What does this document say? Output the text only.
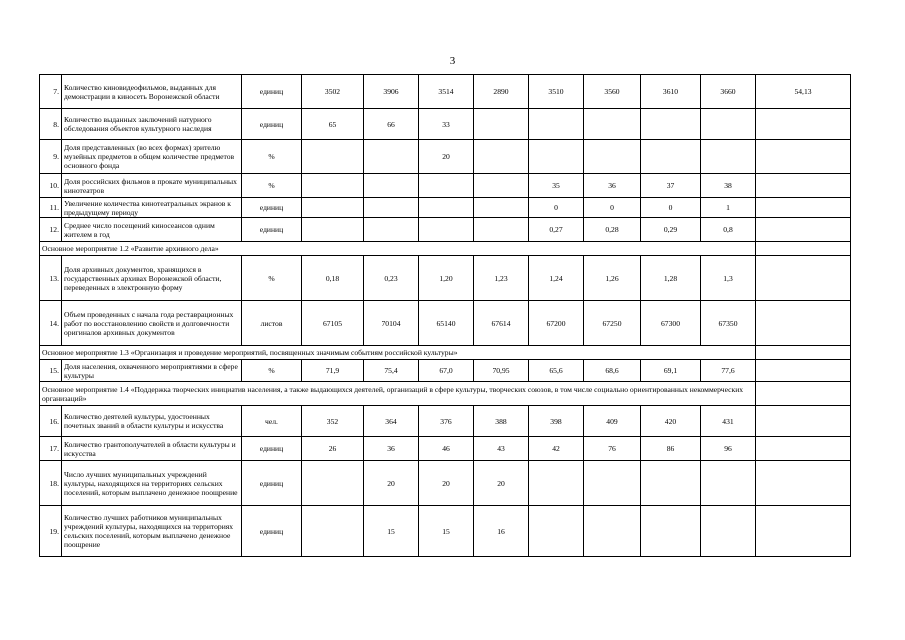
3
7.	Количество киновидеофильмов, выданных для демонстрации в киносеть Воронежской области	единиц	3502	3906	3514	2890	3510	3560	3610	3660	54,13
8.	Количество выданных заключений натурного обследования объектов культурного наследия	единиц	65	66	33						
9.	Доля представленных (во всех формах) зрителю музейных предметов в общем количестве предметов основного фонда	%			20						
10.	Доля российских фильмов в прокате муниципальных кинотеатров	%					35	36	37	38	
11.	Увеличение количества кинотеатральных экранов к предыдущему периоду	единиц					0	0	0	1	
12.	Среднее число посещений киносеансов одним жителем в год	единиц					0,27	0,28	0,29	0,8	
Основное мероприятие 1.2 «Развитие архивного дела»											
13.	Доля архивных документов, хранящихся в государственных архивах Воронежской области, переведенных в электронную форму	%	0,18	0,23	1,20	1,23	1,24	1,26	1,28	1,3	
14.	Объем проведенных с начала года реставрационных работ по восстановлению свойств и долговечности оригиналов архивных документов	листов	67105	70104	65140	67614	67200	67250	67300	67350	
Основное мероприятие 1.3 «Организация и проведение мероприятий, посвященных значимым событиям российской культуры»											
15.	Доля населения, охваченного мероприятиями в сфере культуры	%	71,9	75,4	67,0	70,95	65,6	68,6	69,1	77,6	
Основное мероприятие 1.4 «Поддержка творческих инициатив населения, а также выдающихся деятелей, организаций в сфере культуры, творческих союзов, в том числе социально ориентированных некоммерческих организаций»											
16.	Количество деятелей культуры, удостоенных почетных званий в области культуры и искусства	чел.	352	364	376	388	398	409	420	431	
17.	Количество грантополучателей в области культуры и искусства	единиц	26	36	46	43	42	76	86	96	
18.	Число лучших муниципальных учреждений культуры, находящихся на территориях сельских поселений, которым выплачено денежное поощрение	единиц		20	20	20					
19.	Количество лучших работников муниципальных учреждений культуры, находящихся на территориях сельских поселений, которым выплачено денежное поощрение	единиц		15	15	16					
